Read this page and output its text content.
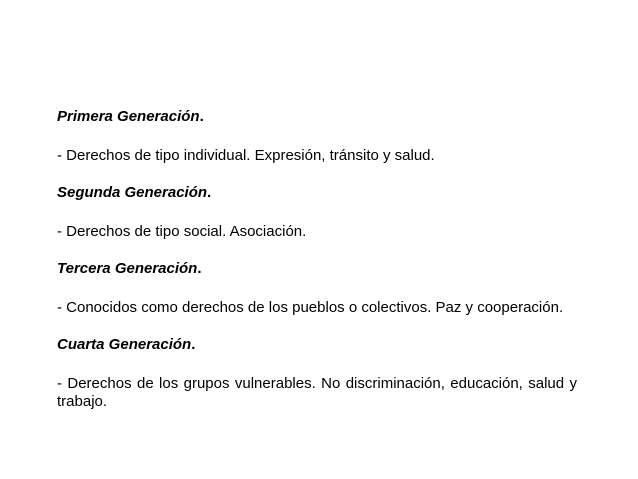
Primera Generación.
- Derechos de tipo individual. Expresión, tránsito y salud.
Segunda Generación.
- Derechos de tipo social. Asociación.
Tercera Generación.
- Conocidos como derechos de los pueblos o colectivos. Paz y cooperación.
Cuarta Generación.
- Derechos de los grupos vulnerables. No discriminación, educación, salud y trabajo.
